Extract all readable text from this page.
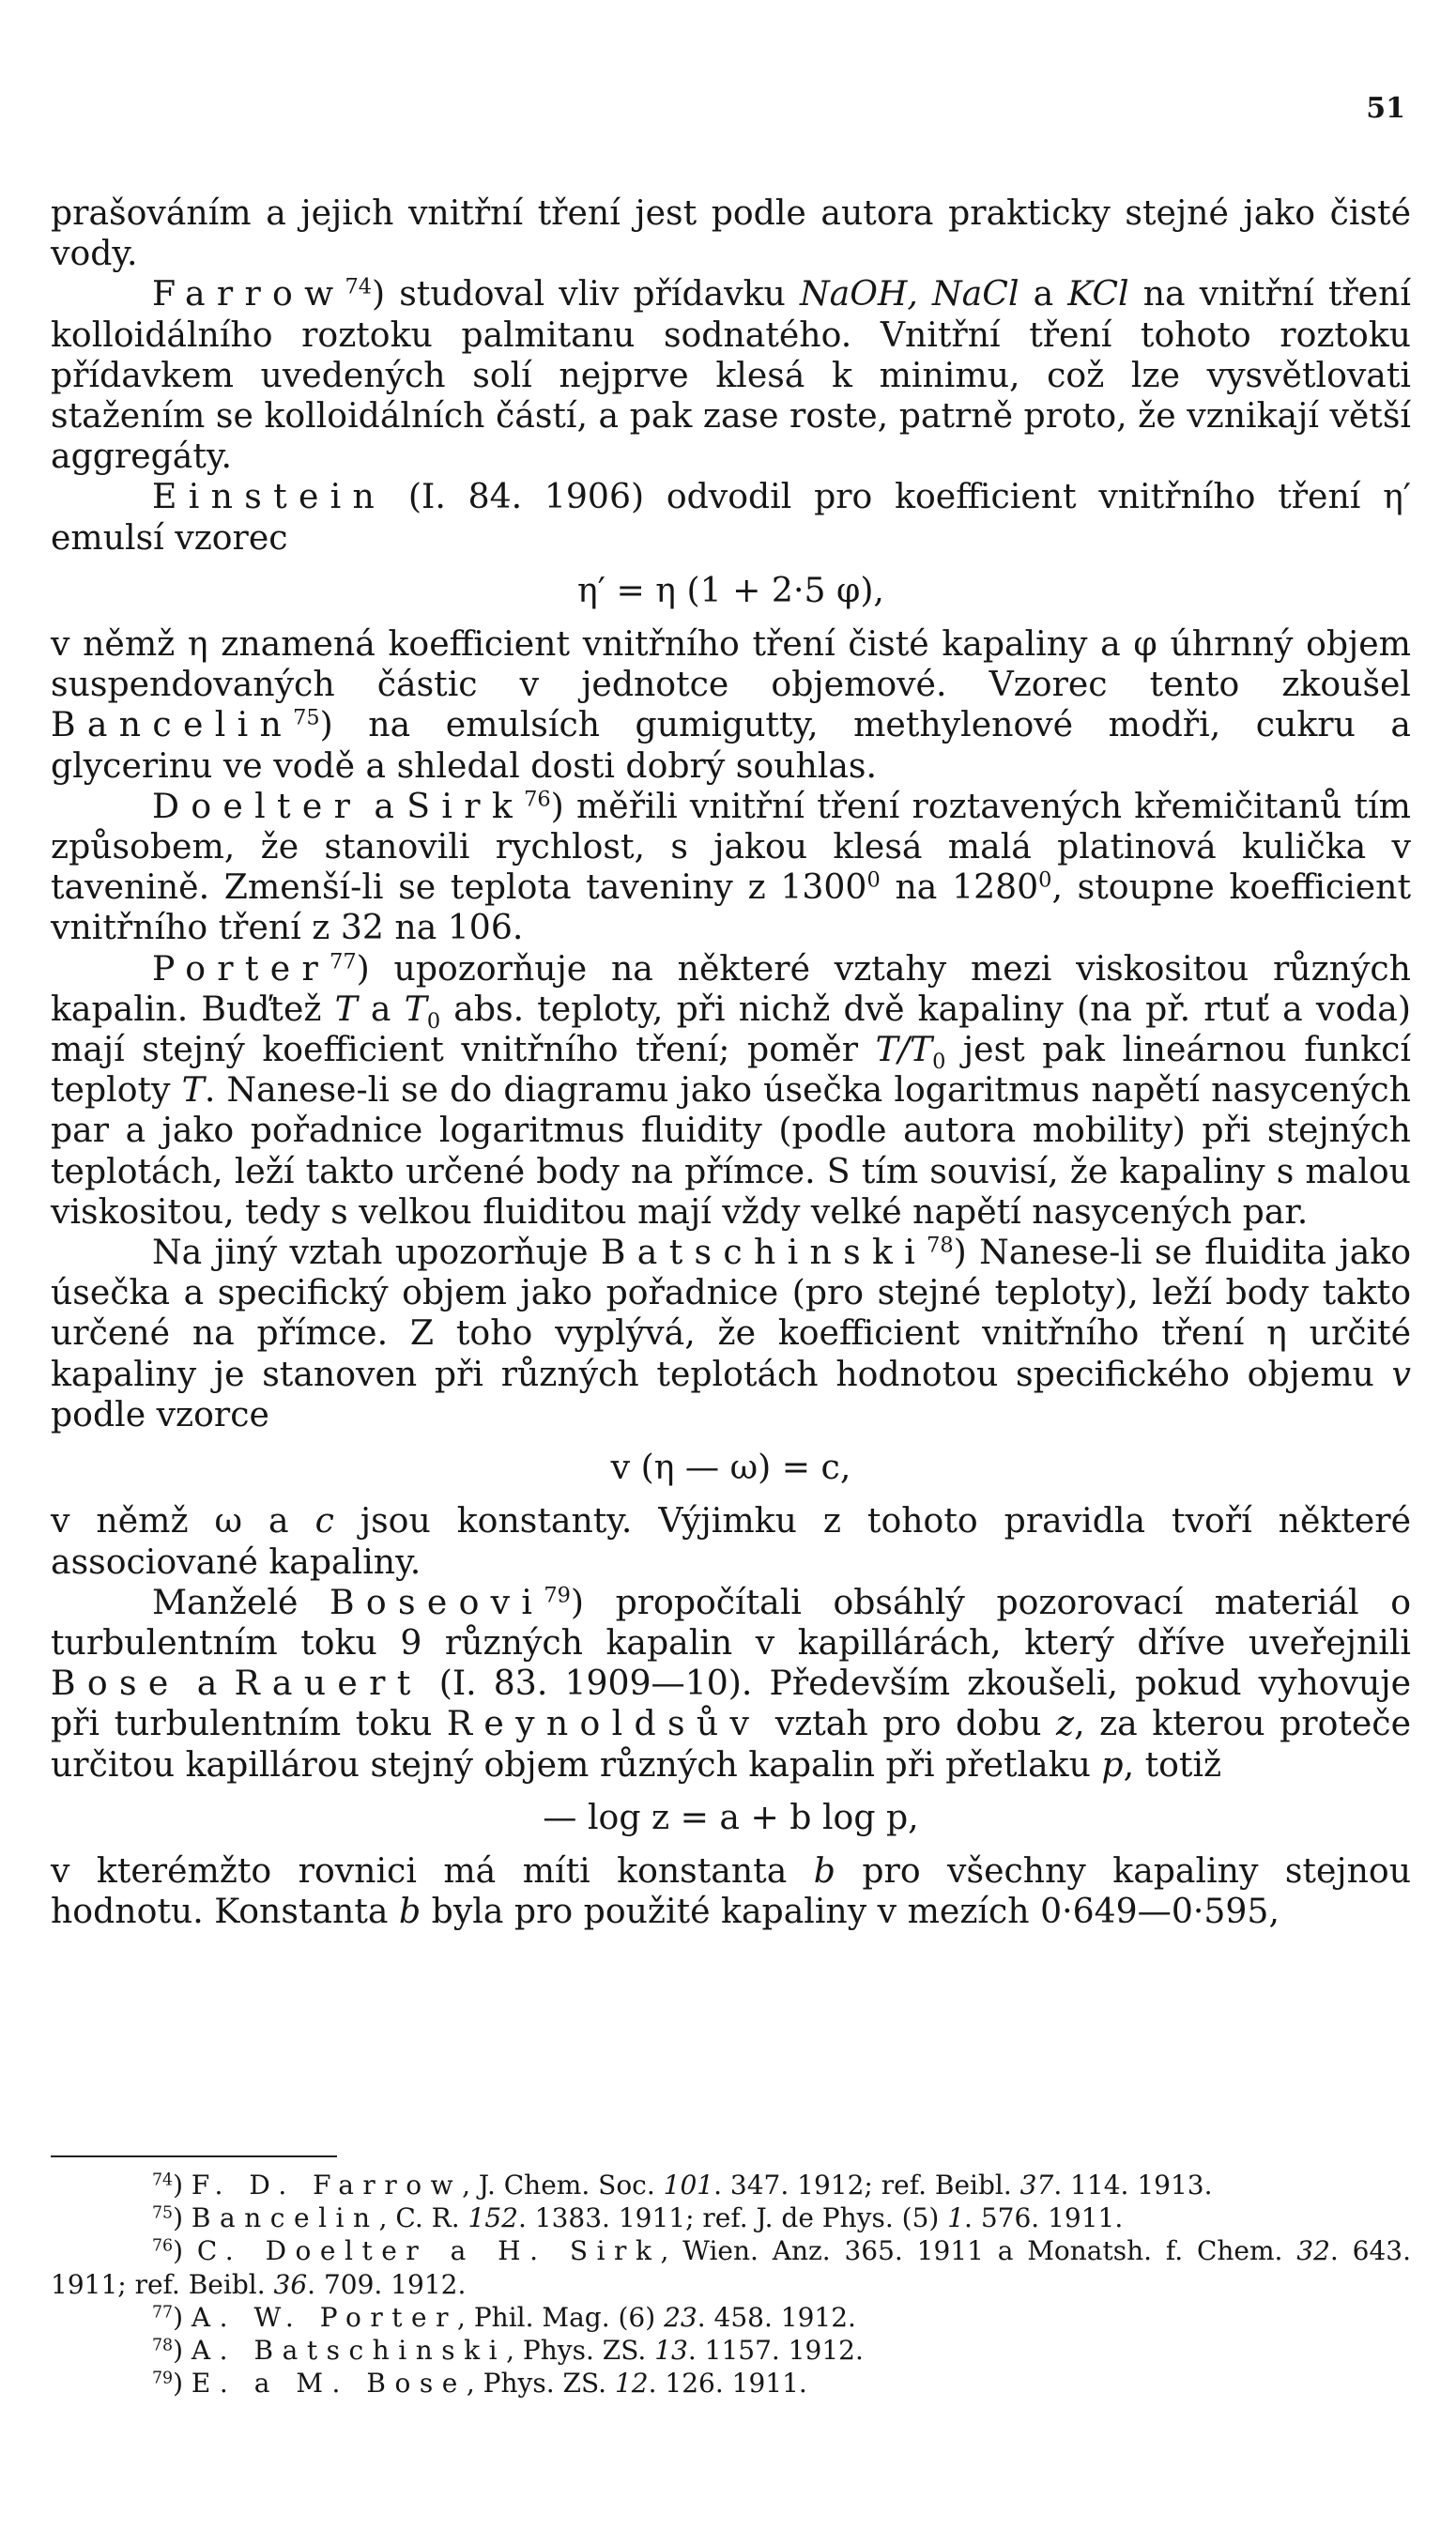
51

prašováním a jejich vnitřní tření jest podle autora prakticky stejné jako čisté vody.

Farrow$^{74}$) studoval vliv přídavku NaOH, NaCl a KCl na vnitřní tření kolloidálního roztoku palmitanu sodnatého. Vnitřní tření tohoto roztoku přídavkem uvedených solí nejprve klesá k minimu, což lze vysvětlovati stažením se kolloidálních částí, a pak zase roste, patrně proto, že vznikají větší aggregáty.

Einstein (I. 84. 1906) odvodil pro koefficient vnitřního tření η′ emulsí vzorec

η′ = η (1 + 2·5 φ),

v němž η znamená koefficient vnitřního tření čisté kapaliny a φ úhrnný objem suspendovaných částic v jednotce objemové. Vzorec tento zkoušel Bancelin$^{75}$) na emulsích gumigutty, methylenové modři, cukru a glycerinu ve vodě a shledal dosti dobrý souhlas.

Doelter a Sirk$^{76}$) měřili vnitřní tření roztavených křemičitanů tím způsobem, že stanovili rychlost, s jakou klesá malá platinová kulička v tavenině. Zmenší-li se teplota taveniny z 1300$^0$ na 1280$^0$, stoupne koefficient vnitřního tření z 32 na 106.

Porter$^{77}$) upozorňuje na některé vztahy mezi viskositou různých kapalin. Buďtež T a $T_0$ abs. teploty, při nichž dvě kapaliny (na př. rtuť a voda) mají stejný koefficient vnitřního tření; poměr $T/T_0$ jest pak lineárnou funkcí teploty T. Nanese-li se do diagramu jako úsečka logaritmus napětí nasycených par a jako pořadnice logaritmus fluidity (podle autora mobility) při stejných teplotách, leží takto určené body na přímce. S tím souvisí, že kapaliny s malou viskositou, tedy s velkou fluiditou mají vždy velké napětí nasycených par.

Na jiný vztah upozorňuje Batschinski$^{78}$) Nanese-li se fluidita jako úsečka a specifický objem jako pořadnice (pro stejné teploty), leží body takto určené na přímce. Z toho vyplývá, že koefficient vnitřního tření η určité kapaliny je stanoven při různých teplotách hodnotou specifického objemu v podle vzorce

v (η — ω) = c,

v němž ω a c jsou konstanty. Výjimku z tohoto pravidla tvoří některé associované kapaliny.

Manželé Boseovi$^{79}$) propočítali obsáhlý pozorovací materiál o turbulentním toku 9 různých kapalin v kapillárách, který dříve uveřejnili Bose a Rauert (I. 83. 1909—10). Především zkoušeli, pokud vyhovuje při turbulentním toku Reynoldsův vztah pro dobu z, za kterou proteče určitou kapillárou stejný objem různých kapalin při přetlaku p, totiž

— log z = a + b log p,

v kterémžto rovnici má míti konstanta b pro všechny kapaliny stejnou hodnotu. Konstanta b byla pro použité kapaliny v mezích 0·649—0·595,

$^{74}$) F. D. Farrow, J. Chem. Soc. 101. 347. 1912; ref. Beibl. 37. 114. 1913.

$^{75}$) Bancelin, C. R. 152. 1383. 1911; ref. J. de Phys. (5) 1. 576. 1911.

$^{76}$) C. Doelter a H. Sirk, Wien. Anz. 365. 1911 a Monatsh. f. Chem. 32. 643. 1911; ref. Beibl. 36. 709. 1912.

$^{77}$) A. W. Porter, Phil. Mag. (6) 23. 458. 1912.

$^{78}$) A. Batschinski, Phys. ZS. 13. 1157. 1912.

$^{79}$) E. a M. Bose, Phys. ZS. 12. 126. 1911.
